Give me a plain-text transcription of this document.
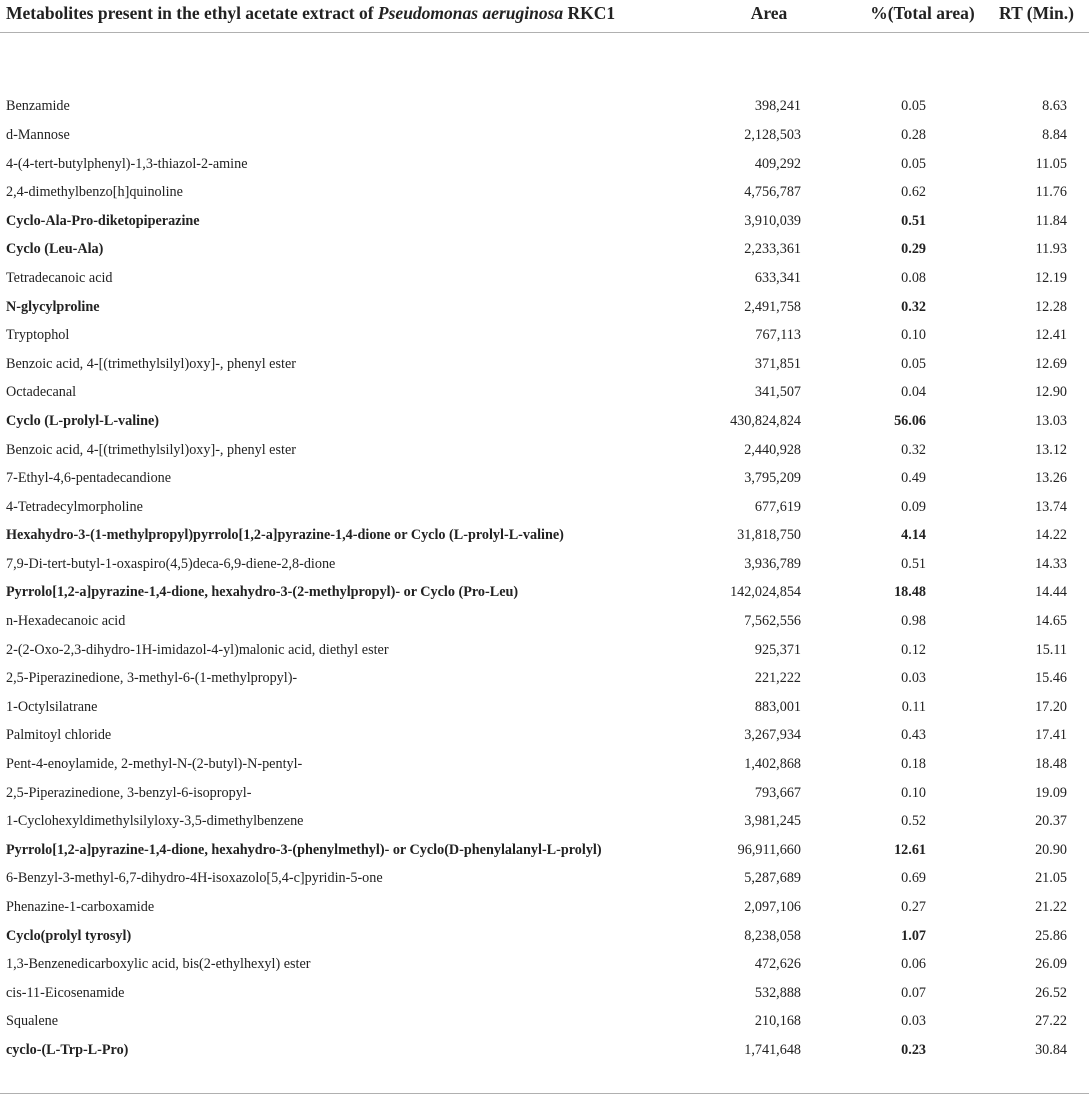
Metabolites present in the ethyl acetate extract of Pseudomonas aeruginosa RKC1	Area	%(Total area)	RT (Min.)

Benzamide	398,241	0.05	8.63
d-Mannose	2,128,503	0.28	8.84
4-(4-tert-butylphenyl)-1,3-thiazol-2-amine	409,292	0.05	11.05
2,4-dimethylbenzo[h]quinoline	4,756,787	0.62	11.76
Cyclo-Ala-Pro-diketopiperazine	3,910,039	0.51	11.84
Cyclo (Leu-Ala)	2,233,361	0.29	11.93
Tetradecanoic acid	633,341	0.08	12.19
N-glycylproline	2,491,758	0.32	12.28
Tryptophol	767,113	0.10	12.41
Benzoic acid, 4-[(trimethylsilyl)oxy]-, phenyl ester	371,851	0.05	12.69
Octadecanal	341,507	0.04	12.90
Cyclo (L-prolyl-L-valine)	430,824,824	56.06	13.03
Benzoic acid, 4-[(trimethylsilyl)oxy]-, phenyl ester	2,440,928	0.32	13.12
7-Ethyl-4,6-pentadecandione	3,795,209	0.49	13.26
4-Tetradecylmorpholine	677,619	0.09	13.74
Hexahydro-3-(1-methylpropyl)pyrrolo[1,2-a]pyrazine-1,4-dione or Cyclo (L-prolyl-L-valine)	31,818,750	4.14	14.22
7,9-Di-tert-butyl-1-oxaspiro(4,5)deca-6,9-diene-2,8-dione	3,936,789	0.51	14.33
Pyrrolo[1,2-a]pyrazine-1,4-dione, hexahydro-3-(2-methylpropyl)- or Cyclo (Pro-Leu)	142,024,854	18.48	14.44
n-Hexadecanoic acid	7,562,556	0.98	14.65
2-(2-Oxo-2,3-dihydro-1H-imidazol-4-yl)malonic acid, diethyl ester	925,371	0.12	15.11
2,5-Piperazinedione, 3-methyl-6-(1-methylpropyl)-	221,222	0.03	15.46
1-Octylsilatrane	883,001	0.11	17.20
Palmitoyl chloride	3,267,934	0.43	17.41
Pent-4-enoylamide, 2-methyl-N-(2-butyl)-N-pentyl-	1,402,868	0.18	18.48
2,5-Piperazinedione, 3-benzyl-6-isopropyl-	793,667	0.10	19.09
1-Cyclohexyldimethylsilyloxy-3,5-dimethylbenzene	3,981,245	0.52	20.37
Pyrrolo[1,2-a]pyrazine-1,4-dione, hexahydro-3-(phenylmethyl)- or Cyclo(D-phenylalanyl-L-prolyl)	96,911,660	12.61	20.90
6-Benzyl-3-methyl-6,7-dihydro-4H-isoxazolo[5,4-c]pyridin-5-one	5,287,689	0.69	21.05
Phenazine-1-carboxamide	2,097,106	0.27	21.22
Cyclo(prolyl tyrosyl)	8,238,058	1.07	25.86
1,3-Benzenedicarboxylic acid, bis(2-ethylhexyl) ester	472,626	0.06	26.09
cis-11-Eicosenamide	532,888	0.07	26.52
Squalene	210,168	0.03	27.22
cyclo-(L-Trp-L-Pro)	1,741,648	0.23	30.84
